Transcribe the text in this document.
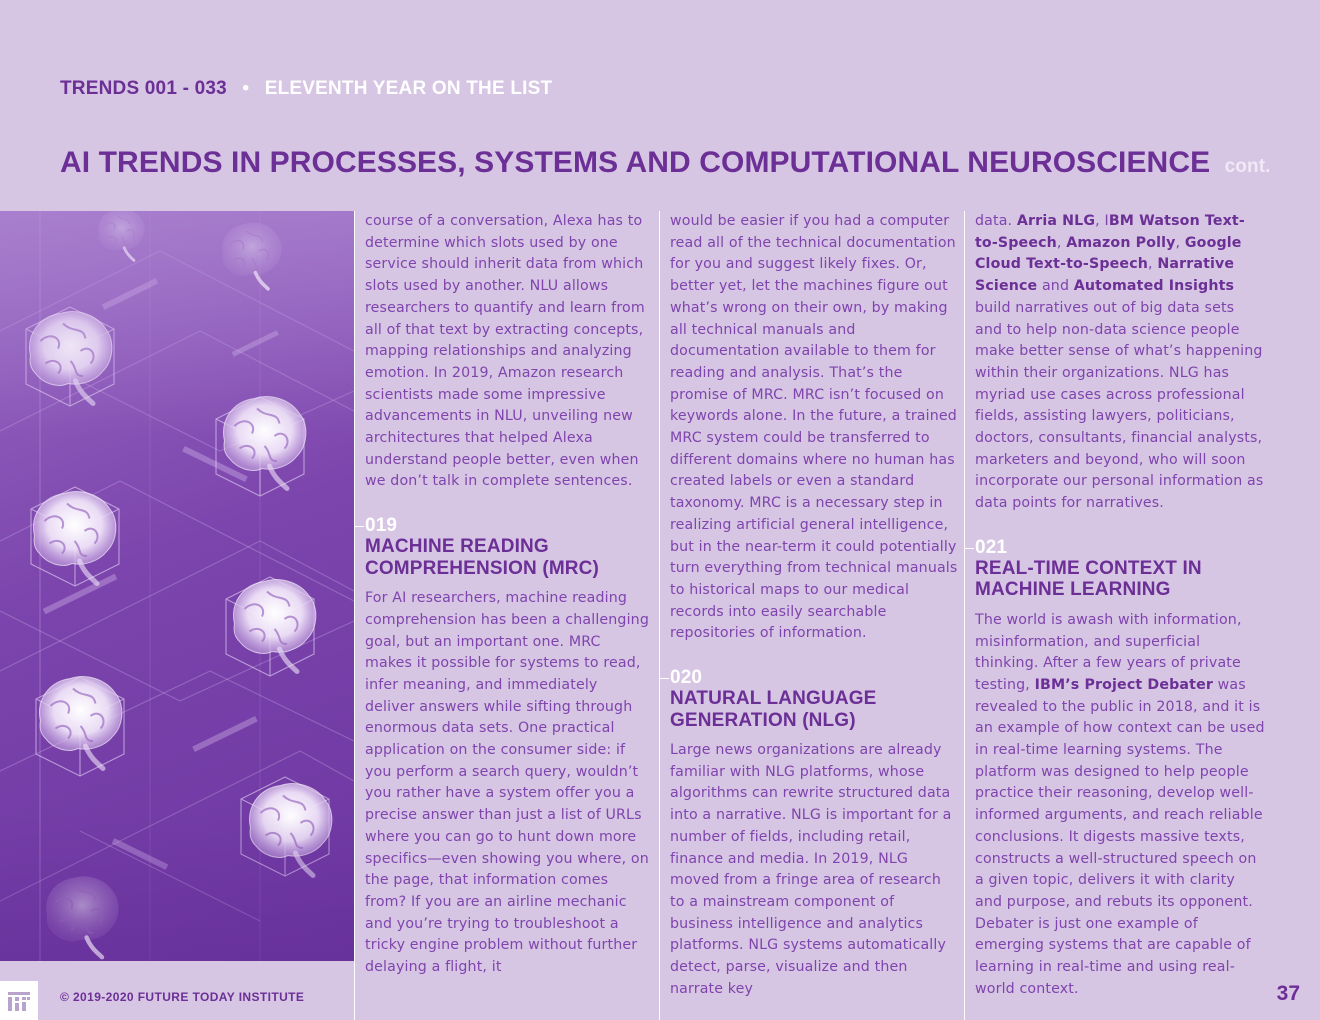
TRENDS 001 - 033 • ELEVENTH YEAR ON THE LIST
AI TRENDS IN PROCESSES, SYSTEMS AND COMPUTATIONAL NEUROSCIENCE cont.

course of a conversation, Alexa has to determine which slots used by one service should inherit data from which slots used by another. NLU allows researchers to quantify and learn from all of that text by extracting concepts, mapping relationships and analyzing emotion. In 2019, Amazon research scientists made some impressive advancements in NLU, unveiling new architectures that helped Alexa understand people better, even when we don’t talk in complete sentences.

019
MACHINE READING COMPREHENSION (MRC)

For AI researchers, machine reading comprehension has been a challenging goal, but an important one. MRC makes it possible for systems to read, infer meaning, and immediately deliver answers while sifting through enormous data sets. One practical application on the consumer side: if you perform a search query, wouldn’t you rather have a system offer you a precise answer than just a list of URLs where you can go to hunt down more specifics—even showing you where, on the page, that information comes from? If you are an airline mechanic and you’re trying to troubleshoot a tricky engine problem without further delaying a flight, it

would be easier if you had a computer read all of the technical documentation for you and suggest likely fixes. Or, better yet, let the machines figure out what’s wrong on their own, by making all technical manuals and documentation available to them for reading and analysis. That’s the promise of MRC. MRC isn’t focused on keywords alone. In the future, a trained MRC system could be transferred to different domains where no human has created labels or even a standard taxonomy. MRC is a necessary step in realizing artificial general intelligence, but in the near-term it could potentially turn everything from technical manuals to historical maps to our medical records into easily searchable repositories of information.

020
NATURAL LANGUAGE GENERATION (NLG)

Large news organizations are already familiar with NLG platforms, whose algorithms can rewrite structured data into a narrative. NLG is important for a number of fields, including retail, finance and media. In 2019, NLG moved from a fringe area of research to a mainstream component of business intelligence and analytics platforms. NLG systems automatically detect, parse, visualize and then narrate key

data. Arria NLG, IBM Watson Text-to-Speech, Amazon Polly, Google Cloud Text-to-Speech, Narrative Science and Automated Insights build narratives out of big data sets and to help non-data science people make better sense of what’s happening within their organizations. NLG has myriad use cases across professional fields, assisting lawyers, politicians, doctors, consultants, financial analysts, marketers and beyond, who will soon incorporate our personal information as data points for narratives.

021
REAL-TIME CONTEXT IN MACHINE LEARNING

The world is awash with information, misinformation, and superficial thinking. After a few years of private testing, IBM’s Project Debater was revealed to the public in 2018, and it is an example of how context can be used in real-time learning systems. The platform was designed to help people practice their reasoning, develop well-informed arguments, and reach reliable conclusions. It digests massive texts, constructs a well-structured speech on a given topic, delivers it with clarity and purpose, and rebuts its opponent. Debater is just one example of emerging systems that are capable of learning in real-time and using real-world context.

© 2019-2020 FUTURE TODAY INSTITUTE	37
